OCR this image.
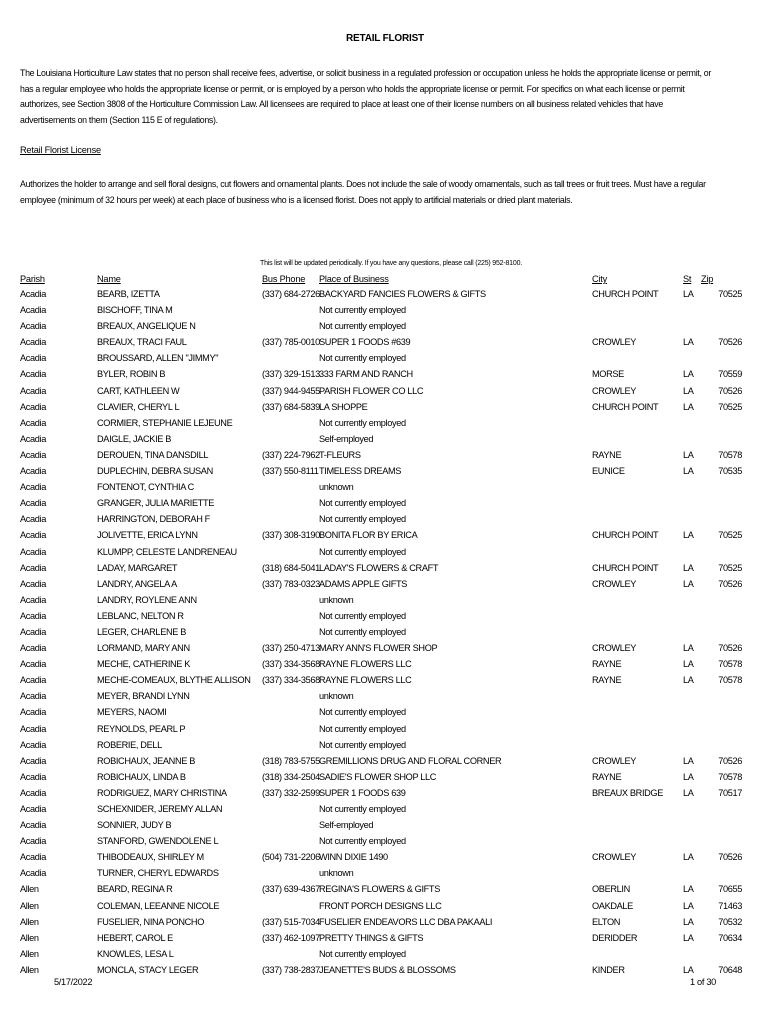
RETAIL FLORIST
The Louisiana Horticulture Law states that no person shall receive fees, advertise, or solicit business in a regulated profession or occupation unless he holds the appropriate license or permit, or has a regular employee who holds the appropriate license or permit, or is employed by a person who holds the appropriate license or permit. For specifics on what each license or permit authorizes, see Section 3808 of the Horticulture Commission Law. All licensees are required to place at least one of their license numbers on all business related vehicles that have advertisements on them (Section 115 E of regulations).
Retail Florist License
Authorizes the holder to arrange and sell floral designs, cut flowers and ornamental plants. Does not include the sale of woody ornamentals, such as tall trees or fruit trees. Must have a regular employee (minimum of 32 hours per week) at each place of business who is a licensed florist. Does not apply to artificial materials or dried plant materials.
This list will be updated periodically. If you have any questions, please call (225) 952-8100.
Parish	Name	Bus Phone Place of Business	City	St Zip
Acadia	BEARB, IZETTA	(337) 684-2726 BACKYARD FANCIES FLOWERS & GIFTS	CHURCH POINT	LA	70525
Acadia	BISCHOFF, TINA M	Not currently employed
Acadia	BREAUX, ANGELIQUE N	Not currently employed
Acadia	BREAUX, TRACI FAUL	(337) 785-0010 SUPER 1 FOODS #639	CROWLEY	LA	70526
Acadia	BROUSSARD, ALLEN "JIMMY"	Not currently employed
Acadia	BYLER, ROBIN B	(337) 329-1513 333 FARM AND RANCH	MORSE	LA	70559
Acadia	CART, KATHLEEN W	(337) 944-9455 PARISH FLOWER CO LLC	CROWLEY	LA	70526
Acadia	CLAVIER, CHERYL L	(337) 684-5839 LA SHOPPE	CHURCH POINT	LA	70525
Acadia	CORMIER, STEPHANIE LEJEUNE	Not currently employed
Acadia	DAIGLE, JACKIE B	Self-employed
Acadia	DEROUEN, TINA DANSDILL	(337) 224-7962 T-FLEURS	RAYNE	LA	70578
Acadia	DUPLECHIN, DEBRA SUSAN	(337) 550-8111 TIMELESS DREAMS	EUNICE	LA	70535
Acadia	FONTENOT, CYNTHIA C	unknown
Acadia	GRANGER, JULIA MARIETTE	Not currently employed
Acadia	HARRINGTON, DEBORAH F	Not currently employed
Acadia	JOLIVETTE, ERICA LYNN	(337) 308-3190 BONITA FLOR BY ERICA	CHURCH POINT	LA	70525
Acadia	KLUMPP, CELESTE LANDRENEAU	Not currently employed
Acadia	LADAY, MARGARET	(318) 684-5041 LADAY'S FLOWERS & CRAFT	CHURCH POINT	LA	70525
Acadia	LANDRY, ANGELA A	(337) 783-0323 ADAMS APPLE GIFTS	CROWLEY	LA	70526
Acadia	LANDRY, ROYLENE ANN	unknown
Acadia	LEBLANC, NELTON R	Not currently employed
Acadia	LEGER, CHARLENE B	Not currently employed
Acadia	LORMAND, MARY ANN	(337) 250-4713 MARY ANN'S FLOWER SHOP	CROWLEY	LA	70526
Acadia	MECHE, CATHERINE K	(337) 334-3568 RAYNE FLOWERS LLC	RAYNE	LA	70578
Acadia	MECHE-COMEAUX, BLYTHE ALLISON (337) 334-3568 RAYNE FLOWERS LLC	RAYNE	LA	70578
Acadia	MEYER, BRANDI LYNN	unknown
Acadia	MEYERS, NAOMI	Not currently employed
Acadia	REYNOLDS, PEARL P	Not currently employed
Acadia	ROBERIE, DELL	Not currently employed
Acadia	ROBICHAUX, JEANNE B	(318) 783-5755 GREMILLIONS DRUG AND FLORAL CORNER	CROWLEY	LA	70526
Acadia	ROBICHAUX, LINDA B	(318) 334-2504 SADIE'S FLOWER SHOP LLC	RAYNE	LA	70578
Acadia	RODRIGUEZ, MARY CHRISTINA	(337) 332-2599 SUPER 1 FOODS 639	BREAUX BRIDGE LA	70517
Acadia	SCHEXNIDER, JEREMY ALLAN	Not currently employed
Acadia	SONNIER, JUDY B	Self-employed
Acadia	STANFORD, GWENDOLENE L	Not currently employed
Acadia	THIBODEAUX, SHIRLEY M	(504) 731-2206 WINN DIXIE 1490	CROWLEY	LA	70526
Acadia	TURNER, CHERYL EDWARDS	unknown
Allen	BEARD, REGINA R	(337) 639-4367 REGINA'S FLOWERS & GIFTS	OBERLIN	LA	70655
Allen	COLEMAN, LEEANNE NICOLE	FRONT PORCH DESIGNS LLC	OAKDALE	LA	71463
Allen	FUSELIER, NINA PONCHO	(337) 515-7034 FUSELIER ENDEAVORS LLC DBA PAKAALI	ELTON	LA	70532
Allen	HEBERT, CAROL E	(337) 462-1097 PRETTY THINGS & GIFTS	DERIDDER	LA	70634
Allen	KNOWLES, LESA L	Not currently employed
Allen	MONCLA, STACY LEGER	(337) 738-2837 JEANETTE'S BUDS & BLOSSOMS	KINDER	LA	70648
5/17/2022	1 of 30
